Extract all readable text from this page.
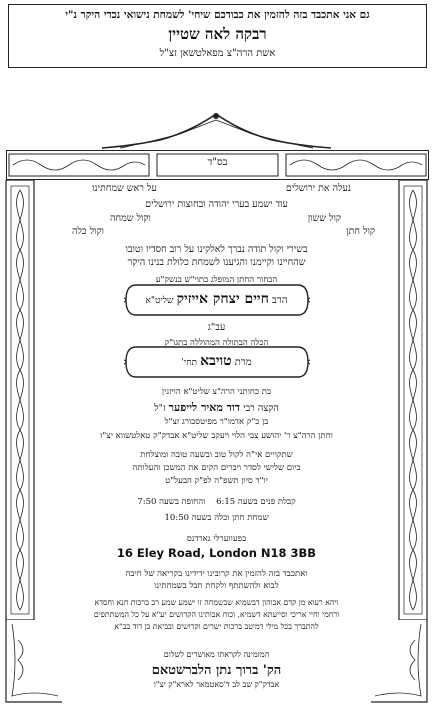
גם אני אתכבד בזה להזמין את כבודכם שיחי' לשמחת נישואי נכדי היקר נ"י
רבקה לאה שטיין
אשת הרה"צ מפאלטשאן זצ"ל
בס"ד
נעלה את ירושלים
על ראש שמחתינו
עוד ישמע בערי יהודה ובחוצות ירושלים
קול ששון
וקול שמחה
קול חתן
וקול כלה
בשירי וקול תודה נברך לאלקינו על רוב חסדיו וטובו
שהחיינו וקיימנו והגיענו לשמחת כלולת בנינו היקר
הבחור החתן המופלג בתוי"ש בנשק"ע
הרב חיים יצחק אייזיק שליט"א
עב"ג
הכלה הבתולה המהוללה בתגו"ק
מרת טויבא תחי'
בת כחותני הרה"צ שליט"א הויזנין
הקצה רבי דוד מאיר לייפער ז"ל
בן כ"ק אדמו"ר מפיטסבורג זצ"ל
וחתן הרה"צ ר' יהושע צבי הלוי ויעקב שליט"א אבדק"ק טאלטשווא יצ"ו
שתקויים אי"ה לקול טוב ובשעה טובה ומוצלחת
ביום שלישי לסדר ויברים הקים את המשכן והעלותה
יו"ד סיון תשפ"ה לפ"ק הבעל"ט
קבלת פנים בשעה 6:15    והחופה בשעה 7:50
שמחת חתן וכלה בשעה 10:50
בפעווערלי גארדנס
16 Eley Road, London N18 3BB
ואתכבד בזה להזמין את קרובינו ידידינו בקריאה של חיבה
לבוא ולהשתתף ולקחת חבל בשמחתינו
ויהא רעוא מן קדם אבוהון דבשמיא שבשמחה זו ישמע שמע רב ברכות חנא וחסדא
ורחמי וחיי אריכי וסייעתא דשמיא, וכוח אבותינו הקדושים יע"א על כל המשתתפים
להתברך בכל מילי דמיטב ברכות ישרים וקדושים ובביאת בן דוד בב"א
המזמינה לקראתו מאושרים לשלום
הק' ברוך נתן הלברשטאם
אבדק"ק שב לב ד'סאטמאר לארא"ק יצ"ו
